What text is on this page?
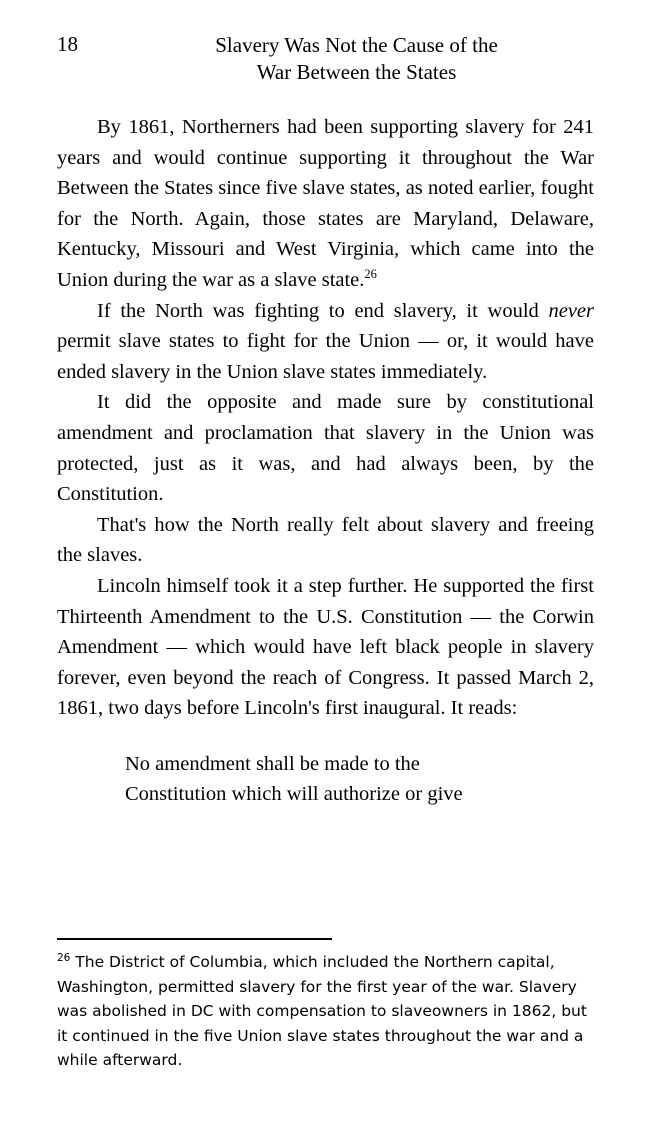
18	Slavery Was Not the Cause of the
War Between the States

By 1861, Northerners had been supporting slavery for 241 years and would continue supporting it throughout the War Between the States since five slave states, as noted earlier, fought for the North. Again, those states are Maryland, Delaware, Kentucky, Missouri and West Virginia, which came into the Union during the war as a slave state.$^{26}$

If the North was fighting to end slavery, it would never permit slave states to fight for the Union — or, it would have ended slavery in the Union slave states immediately.

It did the opposite and made sure by constitutional amendment and proclamation that slavery in the Union was protected, just as it was, and had always been, by the Constitution.

That's how the North really felt about slavery and freeing the slaves.

Lincoln himself took it a step further. He supported the first Thirteenth Amendment to the U.S. Constitution — the Corwin Amendment — which would have left black people in slavery forever, even beyond the reach of Congress. It passed March 2, 1861, two days before Lincoln's first inaugural. It reads:

No amendment shall be made to the
Constitution which will authorize or give
$^{26}$ The District of Columbia, which included the Northern capital, Washington, permitted slavery for the first year of the war. Slavery was abolished in DC with compensation to slaveowners in 1862, but it continued in the five Union slave states throughout the war and a while afterward.
